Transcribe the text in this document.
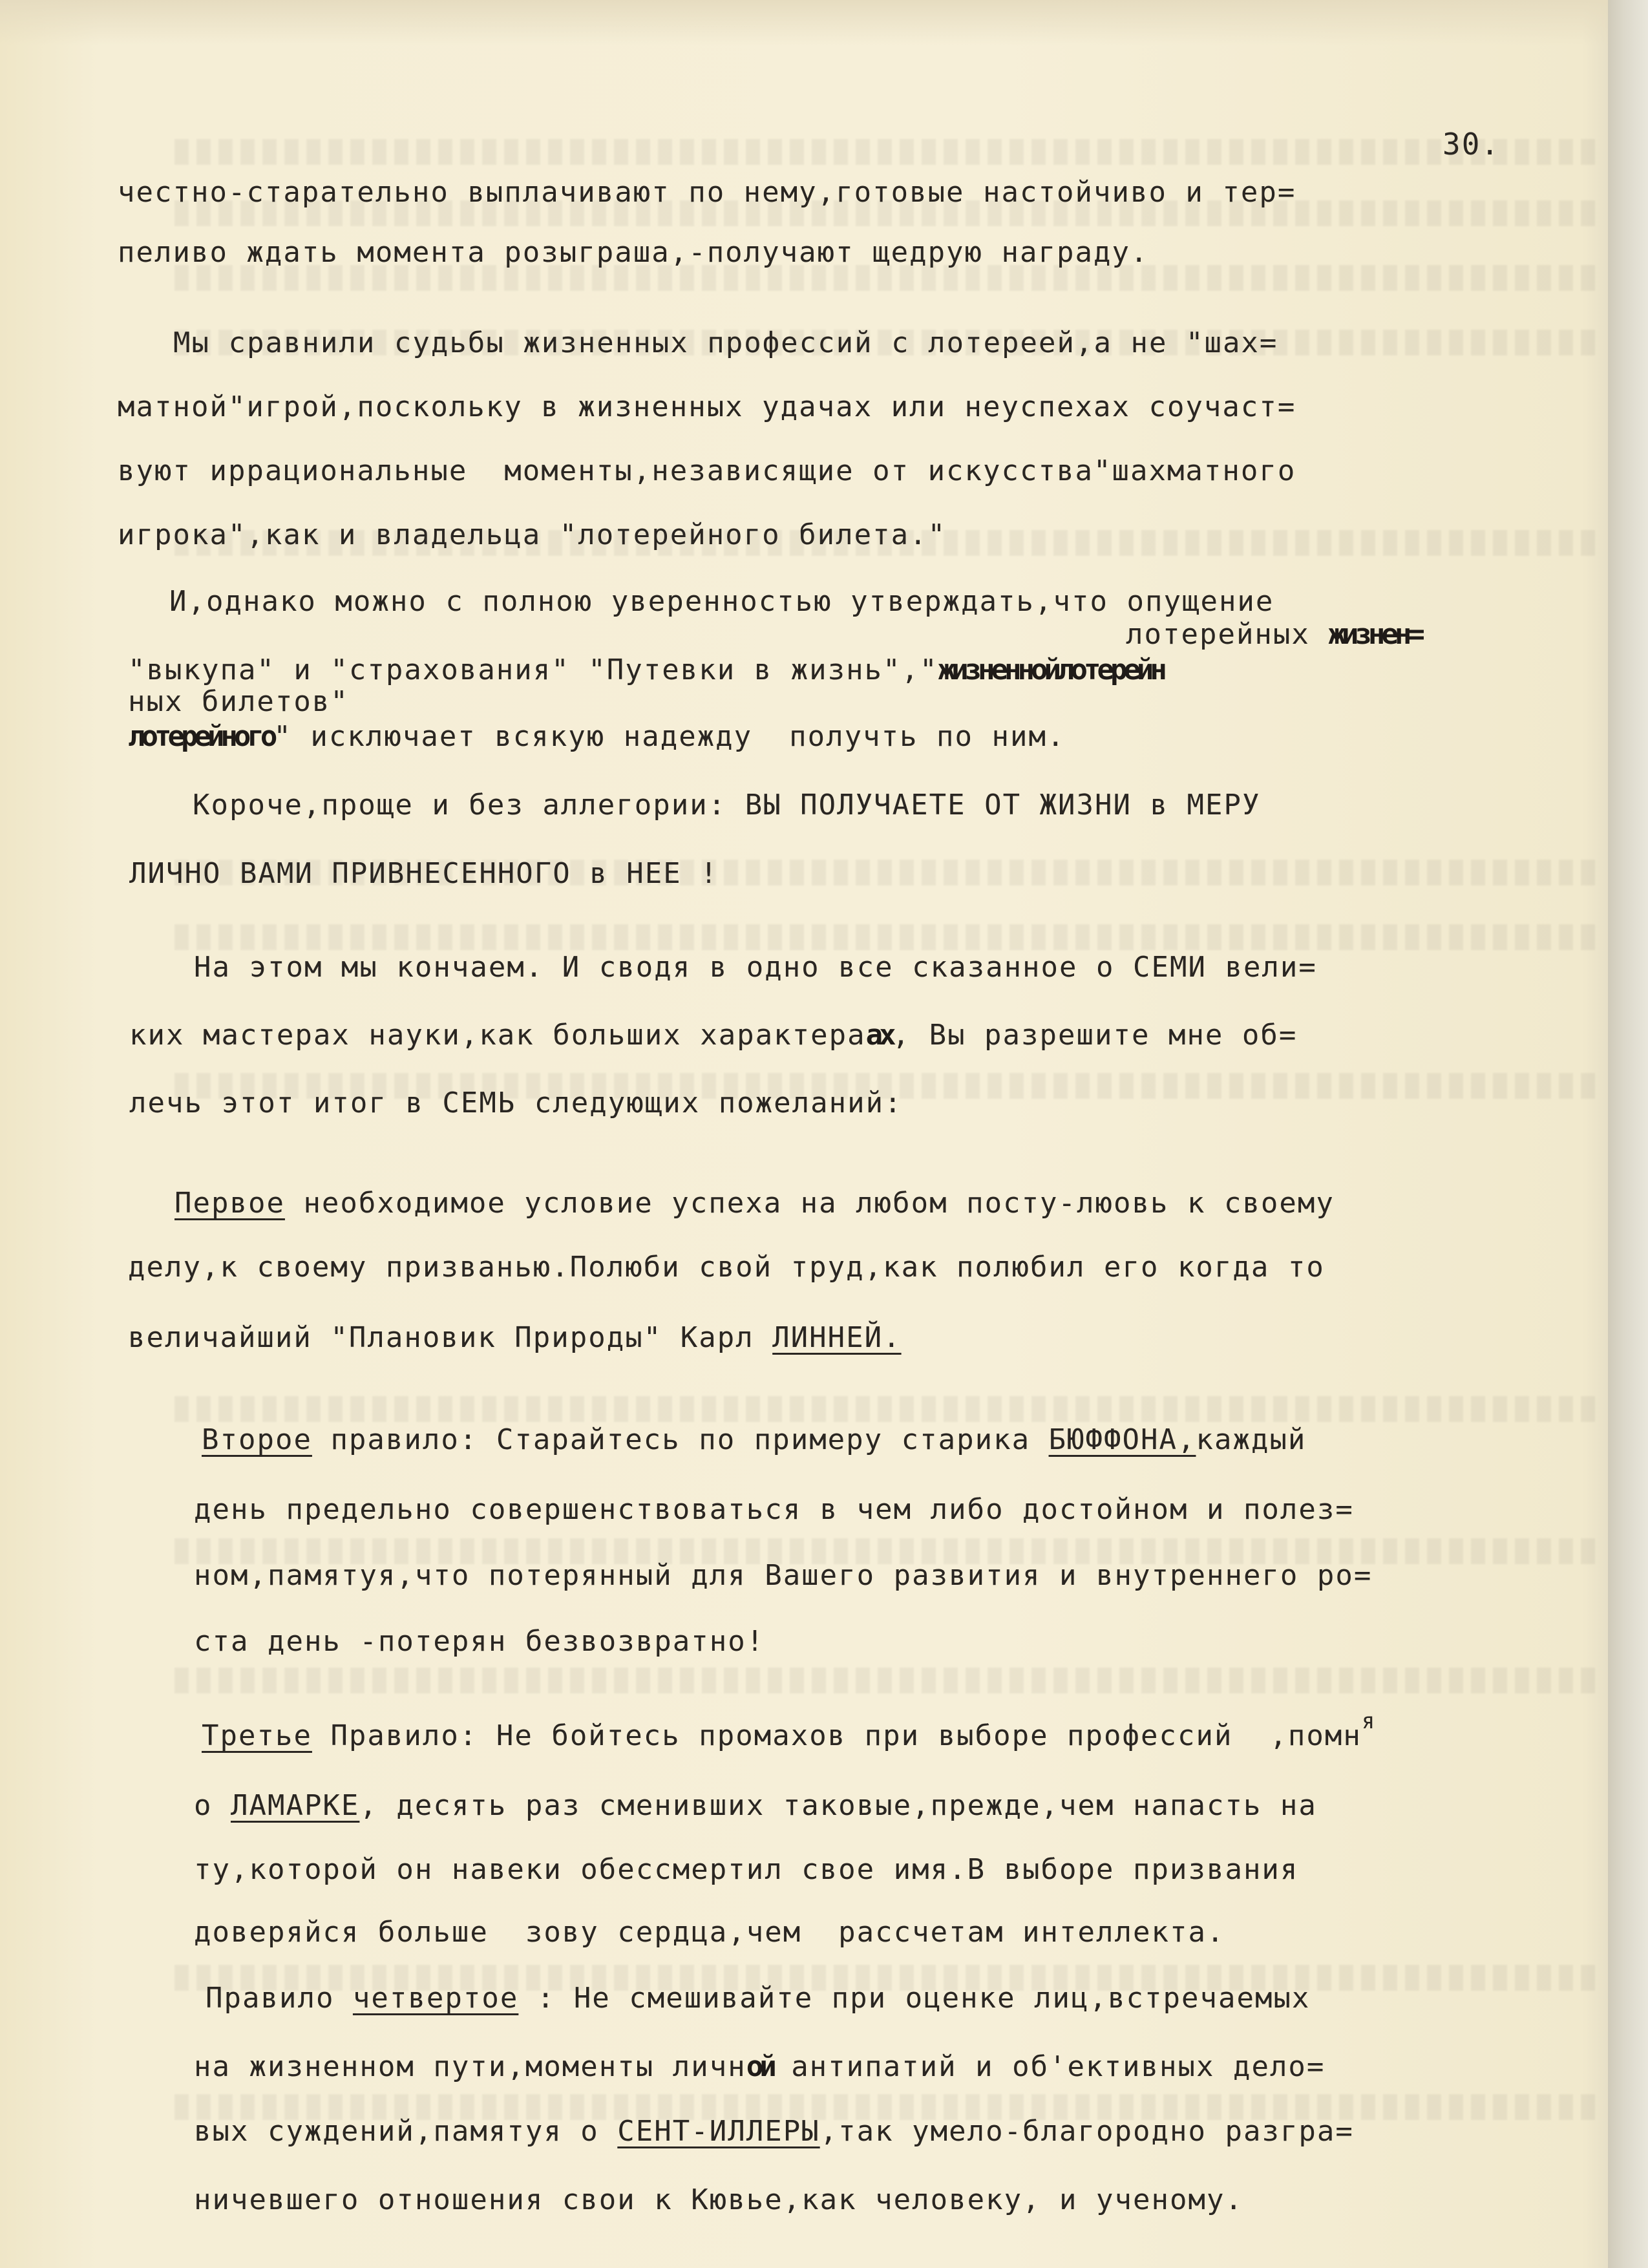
30.
честно-старательно выплачивают по нему,готовые настойчиво и тер=
пеливо ждать момента розыграша,-получают щедрую награду.
Мы сравнили судьбы жизненных профессий с лотереей,а не "шах=
матной"игрой,поскольку в жизненных удачах или неуспехах соучаст=
вуют иррациональные  моменты,независящие от искусства"шахматного
игрока",как и владельца "лотерейного билета."
И,однако можно с полною уверенностью утверждать,что опущение
лотерейных жизнен=
"выкупа" и "страхования" "Путевки в жизнь","жизненнойлотерейн
ных билетов"
лотерейного" исключает всякую надежду  получть по ним.
Короче,проще и без аллегории: ВЫ ПОЛУЧАЕТЕ ОТ ЖИЗНИ в МЕРУ
ЛИЧНО ВАМИ ПРИВНЕСЕННОГО в НЕЕ !
На этом мы кончаем. И сводя в одно все сказанное о СЕМИ вели=
ких мастерах науки,как больших характераах, Вы разрешите мне об=
лечь этот итог в СЕМЬ следующих пожеланий:
Первое необходимое условие успеха на любом посту-люовь к своему
делу,к своему призванью.Полюби свой труд,как полюбил его когда то
величайший "Плановик Природы" Карл ЛИННЕЙ.
Второе правило: Старайтесь по примеру старика БЮФФОНА,каждый
день предельно совершенствоваться в чем либо достойном и полез=
ном,памятуя,что потерянный для Вашего развития и внутреннего ро=
ста день -потерян безвозвратно!
Третье Правило: Не бойтесь промахов при выборе профессий  ,помн$^я$
о ЛАМАРКЕ, десять раз сменивших таковые,прежде,чем напасть на
ту,которой он навеки обессмертил свое имя.В выборе призвания
доверяйся больше  зову сердца,чем  рассчетам интеллекта.
Правило четвертое : Не смешивайте при оценке лиц,встречаемых
на жизненном пути,моменты личной антипатий и об'ективных дело=
вых суждений,памятуя о СЕНТ-ИЛЛЕРЫ,так умело-благородно разгра=
ничевшего отношения свои к Кювье,как человеку, и ученому.
